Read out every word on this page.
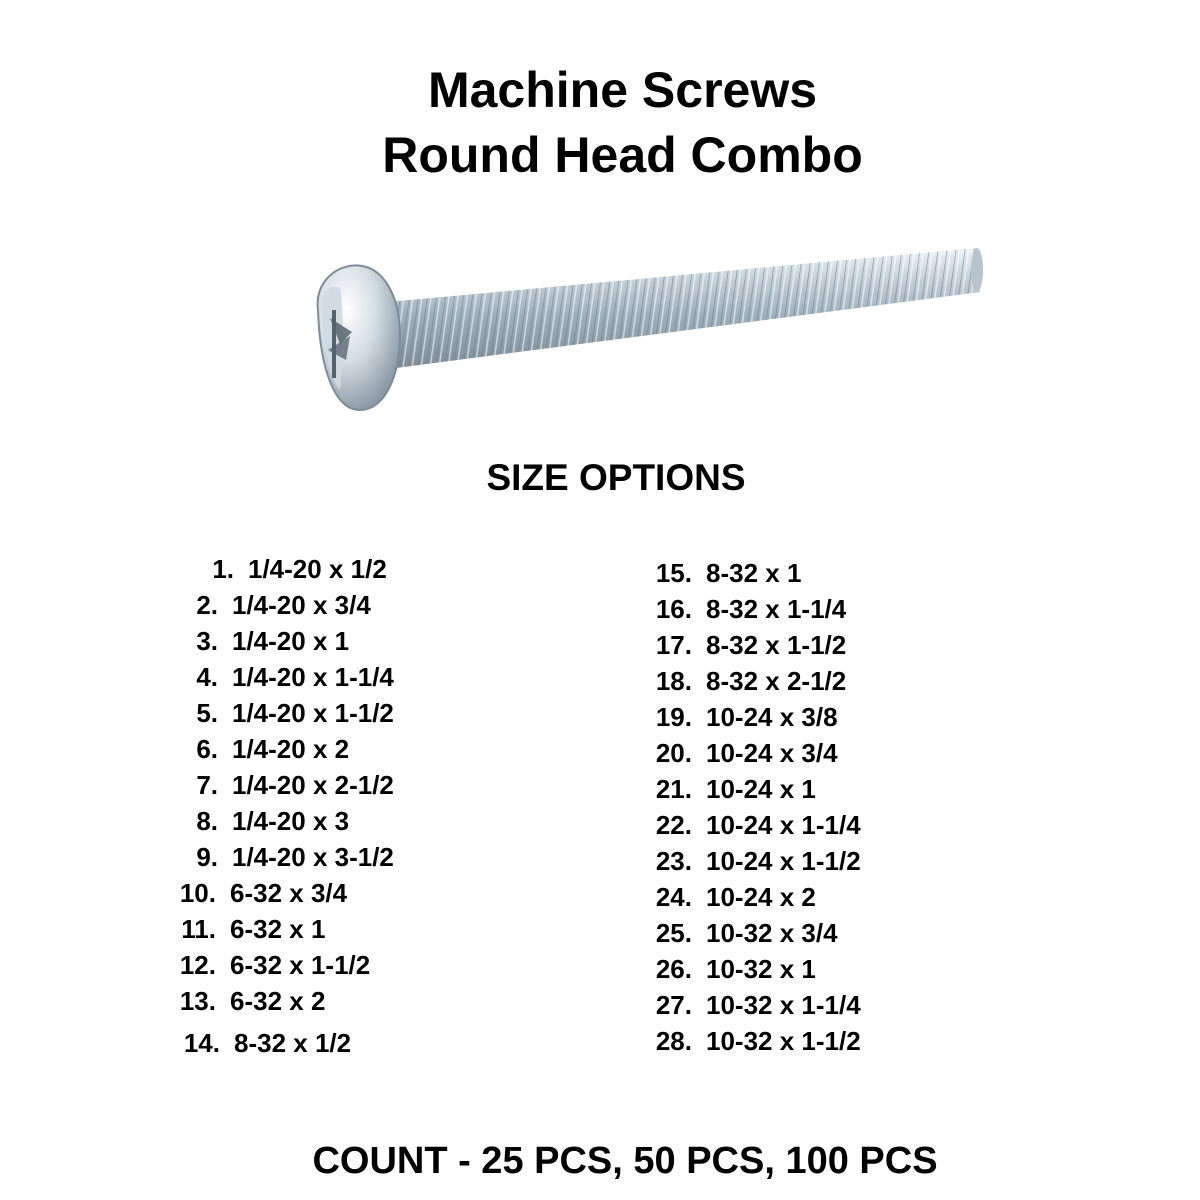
Machine Screws
Round Head Combo
SIZE OPTIONS
1. 1/4-20 x 1/2
2. 1/4-20 x 3/4
3. 1/4-20 x 1
4. 1/4-20 x 1-1/4
5. 1/4-20 x 1-1/2
6. 1/4-20 x 2
7. 1/4-20 x 2-1/2
8. 1/4-20 x 3
9. 1/4-20 x 3-1/2
10. 6-32 x 3/4
11. 6-32 x 1
12. 6-32 x 1-1/2
13. 6-32 x 2
14. 8-32 x 1/2
15. 8-32 x 1
16. 8-32 x 1-1/4
17. 8-32 x 1-1/2
18. 8-32 x 2-1/2
19. 10-24 x 3/8
20. 10-24 x 3/4
21. 10-24 x 1
22. 10-24 x 1-1/4
23. 10-24 x 1-1/2
24. 10-24 x 2
25. 10-32 x 3/4
26. 10-32 x 1
27. 10-32 x 1-1/4
28. 10-32 x 1-1/2
COUNT - 25 PCS, 50 PCS, 100 PCS
